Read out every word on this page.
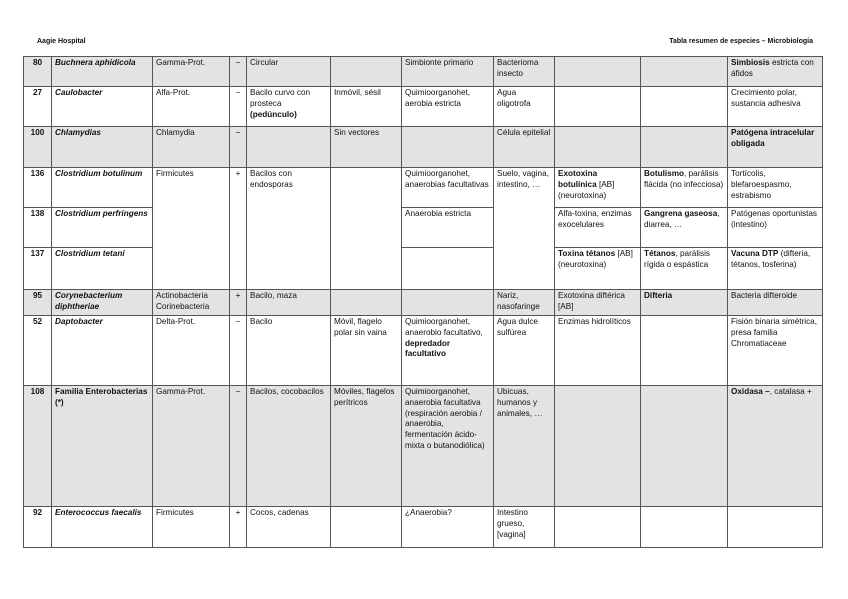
Aagie Hospital	Tabla resumen de especies – Microbiología
80	Buchnera aphidicola	Gamma-Prot.	−	Circular		Simbionte primario	Bacterioma insecto			Simbiosis estricta con áfidos
27	Caulobacter	Alfa-Prot.	−	Bacilo curvo con prosteca (pedúnculo)	Inmóvil, sésil	Quimioorganohet, aerobia estricta	Agua oligotrofa			Crecimiento polar, sustancia adhesiva
100	Chlamydias	Chlamydia	−		Sin vectores		Célula epitelial			Patógena intracelular obligada
136	Clostridium botulinum	Firmicutes	+	Bacilos con endosporas		Quimioorganohet, anaerobias facultativas	Suelo, vagina, intestino, …	Exotoxina botulínica [AB] (neurotoxina)	Botulismo, parálisis flácida (no infecciosa)	Tortícolis, blefaroespasmo, estrabismo
138	Clostridium perfringens					Anaerobia estricta		Alfa-toxina, enzimas exocelulares	Gangrena gaseosa, diarrea, …	Patógenas oportunistas (intestino)
137	Clostridium tetani							Toxina tétanos [AB] (neurotoxina)	Tétanos, parálisis rígida o espástica	Vacuna DTP (difteria, tétanos, tosferina)
95	Corynebacterium diphtheriae	Actinobacteria Corinebacteria	+	Bacilo, maza			Nariz, nasofaringe	Exotoxina diftérica [AB]	Difteria	Bacteria difteroide
52	Daptobacter	Delta-Prot.	−	Bacilo	Móvil, flagelo polar sin vaina	Quimioorganohet, anaerobio facultativo, depredador facultativo	Agua dulce sulfúrea	Enzimas hidrolíticos		Fisión binaria simétrica, presa familia Chromatiaceae
108	Familia Enterobacterias (*)	Gamma-Prot.	−	Bacilos, cocobacilos	Móviles, flagelos perítricos	Quimioorganohet, anaerobia facultativa (respiración aerobia / anaerobia, fermentación ácido-mixta o butanodiólica)	Ubicuas, humanos y animales, …			Oxidasa –, catalasa +
92	Enterococcus faecalis	Firmicutes	+	Cocos, cadenas		¿Anaerobia?	Intestino grueso, [vagina]			
